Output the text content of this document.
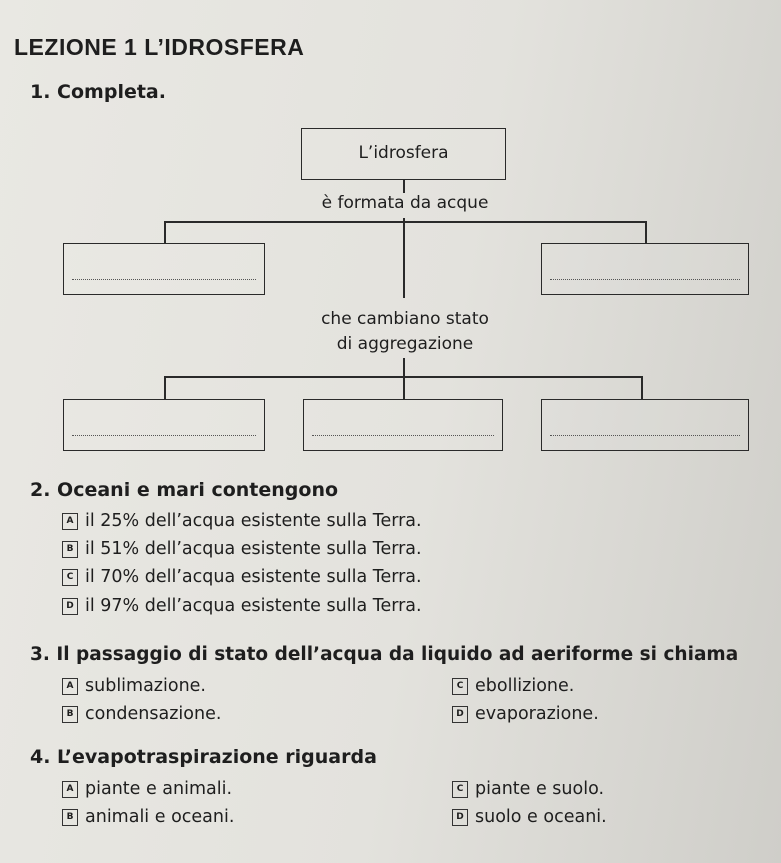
LEZIONE 1 L’IDROSFERA
1. Completa.
L’idrosfera
è formata da acque
che cambiano stato
di aggregazione
2. Oceani e mari contengono
A il 25% dell’acqua esistente sulla Terra.
B il 51% dell’acqua esistente sulla Terra.
C il 70% dell’acqua esistente sulla Terra.
D il 97% dell’acqua esistente sulla Terra.
3. Il passaggio di stato dell’acqua da liquido ad aeriforme si chiama
A sublimazione.
B condensazione.
C ebollizione.
D evaporazione.
4. L’evapotraspirazione riguarda
A piante e animali.
B animali e oceani.
C piante e suolo.
D suolo e oceani.
